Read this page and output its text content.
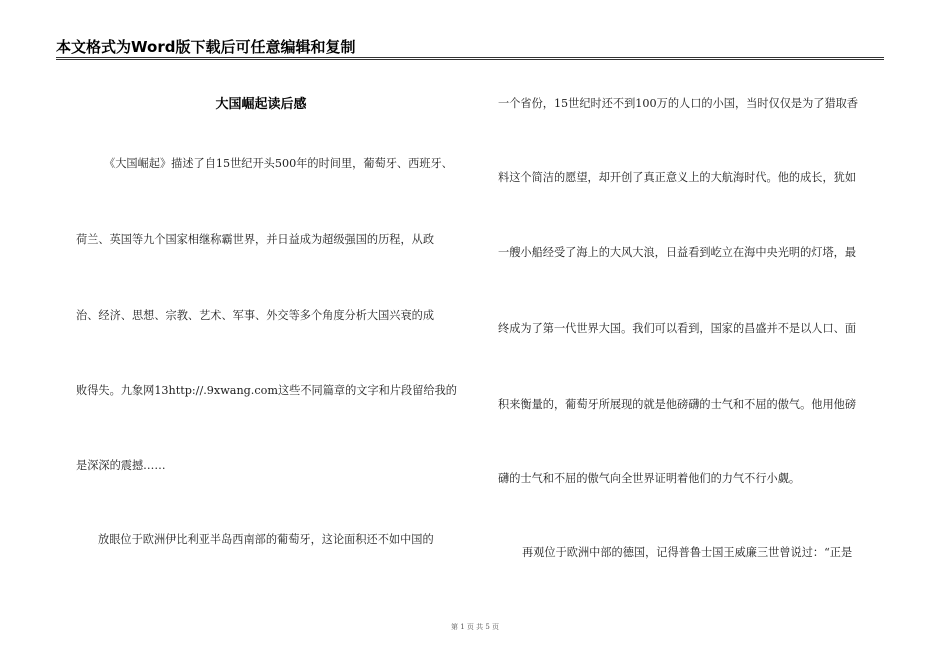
本文格式为Word版下载后可任意编辑和复制
大国崛起读后感
《大国崛起》描述了自15世纪开头500年的时间里，葡萄牙、西班牙、
荷兰、英国等九个国家相继称霸世界，并日益成为超级强国的历程，从政
治、经济、思想、宗教、艺术、军事、外交等多个角度分析大国兴衰的成
败得失。九象网13http://.9xwang.com这些不同篇章的文字和片段留给我的
是深深的震撼……
放眼位于欧洲伊比利亚半岛西南部的葡萄牙，这论面积还不如中国的
一个省份，15世纪时还不到100万的人口的小国，当时仅仅是为了猎取香
料这个简洁的愿望，却开创了真正意义上的大航海时代。他的成长，犹如
一艘小船经受了海上的大风大浪，日益看到屹立在海中央光明的灯塔，最
终成为了第一代世界大国。我们可以看到，国家的昌盛并不是以人口、面
积来衡量的，葡萄牙所展现的就是他磅礴的士气和不屈的傲气。他用他磅
礴的士气和不屈的傲气向全世界证明着他们的力气不行小觑。
再观位于欧洲中部的德国，记得普鲁士国王威廉三世曾说过：“正是
第 1 页 共 5 页
